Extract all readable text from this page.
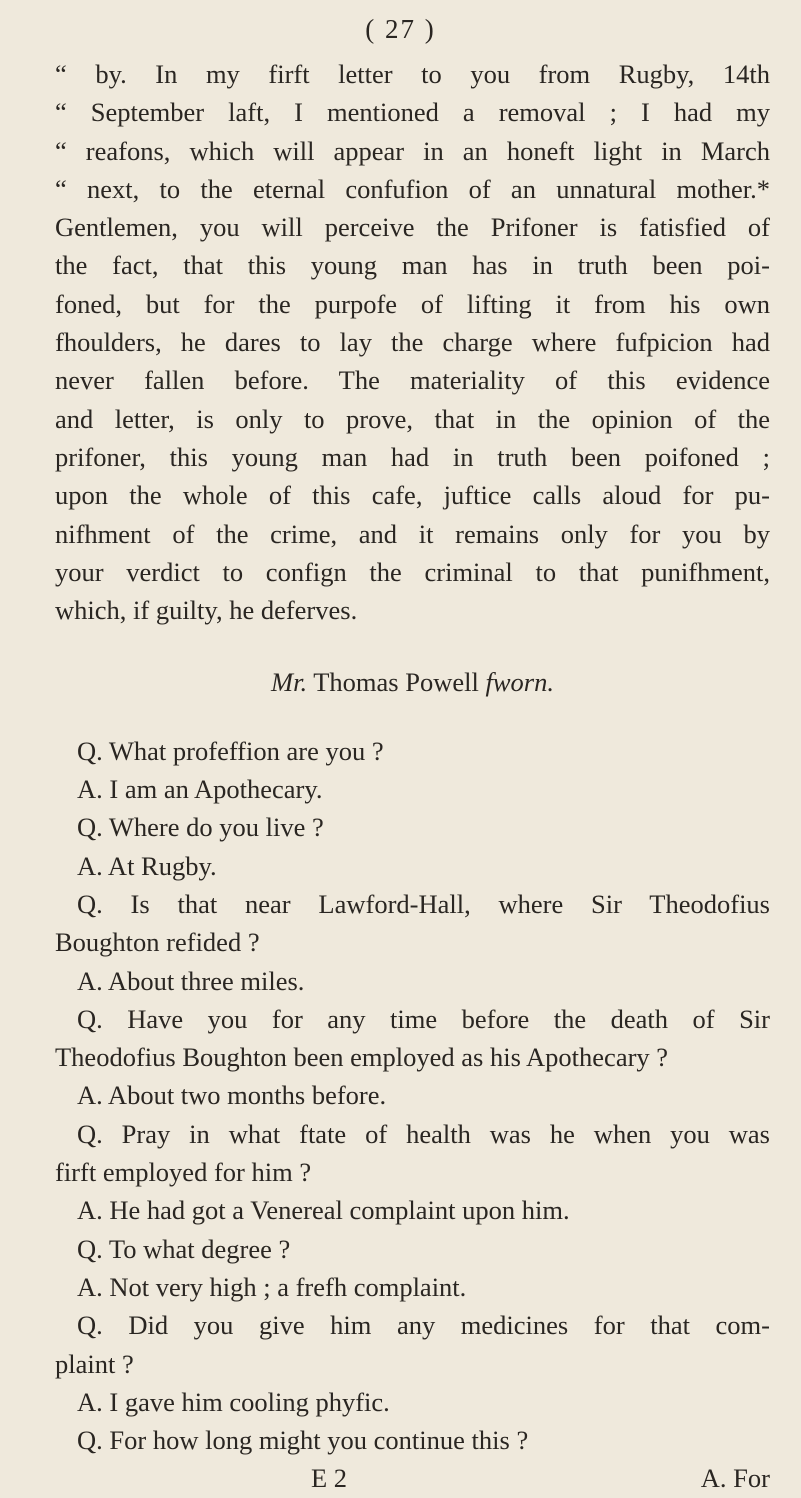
( 27 )
“ by. In my firft letter to you from Rugby, 14th
“ September laft, I mentioned a removal ; I had my
“ reafons, which will appear in an honeft light in March
“ next, to the eternal confufion of an unnatural mother.*
Gentlemen, you will perceive the Prifoner is fatisfied of
the fact, that this young man has in truth been poi-
foned, but for the purpofe of lifting it from his own
fhoulders, he dares to lay the charge where fufpicion had
never fallen before. The materiality of this evidence
and letter, is only to prove, that in the opinion of the
prifoner, this young man had in truth been poifoned ;
upon the whole of this cafe, juftice calls aloud for pu-
nifhment of the crime, and it remains only for you by
your verdict to confign the criminal to that punifhment,
which, if guilty, he deferves.
Mr. Thomas Powell fworn.
Q. What profeffion are you ?
A. I am an Apothecary.
Q. Where do you live ?
A. At Rugby.
Q. Is that near Lawford-Hall, where Sir Theodofius
Boughton refided ?
A. About three miles.
Q. Have you for any time before the death of Sir
Theodofius Boughton been employed as his Apothecary ?
A. About two months before.
Q. Pray in what ftate of health was he when you was
firft employed for him ?
A. He had got a Venereal complaint upon him.
Q. To what degree ?
A. Not very high ; a frefh complaint.
Q. Did you give him any medicines for that com-
plaint ?
A. I gave him cooling phyfic.
Q. For how long might you continue this ?
E 2	A. For
